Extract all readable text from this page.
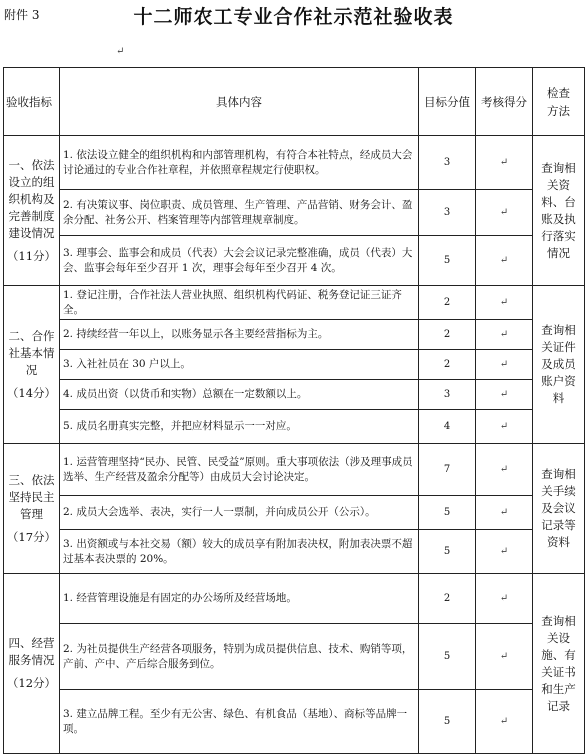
附件 3	十二师农工专业合作社示范社验收表
↵
验收指标	具体内容	目标分值	考核得分	检查方法
一、依法设立的组织机构及完善制度建设情况
（11分）	1. 依法设立健全的组织机构和内部管理机构，有符合本社特点，经成员大会讨论通过的专业合作社章程，并依照章程规定行使职权。	3	↵	查询相关资料、台账及执行落实情况
	2. 有决策议事、岗位职责、成员管理、生产管理、产品营销、财务会计、盈余分配、社务公开、档案管理等内部管理规章制度。	3	↵	
	3. 理事会、监事会和成员（代表）大会会议记录完整准确，成员（代表）大会、监事会每年至少召开 1 次，理事会每年至少召开 4 次。	5	↵	
二、合作社基本情况
（14分）	1. 登记注册，合作社法人营业执照、组织机构代码证、税务登记证三证齐全。	2	↵	查询相关证件及成员账户资料
	2. 持续经营一年以上，以账务显示各主要经营指标为主。	2	↵	
	3. 入社社员在 30 户以上。	2	↵	
	4. 成员出资（以货币和实物）总额在一定数额以上。	3	↵	
	5. 成员名册真实完整，并把应材料显示一一对应。	4	↵	
三、依法坚持民主管理
（17分）	1. 运营管理坚持“民办、民管、民受益”原则。重大事项依法（涉及理事成员选举、生产经营及盈余分配等）由成员大会讨论决定。	7	↵	查询相关手续及会议记录等资料
	2. 成员大会选举、表决，实行一人一票制，并向成员公开（公示）。	5	↵	
	3. 出资额或与本社交易（额）较大的成员享有附加表决权，附加表决票不超过基本表决票的 20%。	5	↵	
四、经营服务情况
（12分）	1. 经营管理设施是有固定的办公场所及经营场地。	2	↵	查询相关设施、有关证书和生产记录
	2. 为社员提供生产经营各项服务，特别为成员提供信息、技术、购销等项，产前、产中、产后综合服务到位。	5	↵	
	3. 建立品牌工程。至少有无公害、绿色、有机食品（基地）、商标等品牌一项。	5	↵	
